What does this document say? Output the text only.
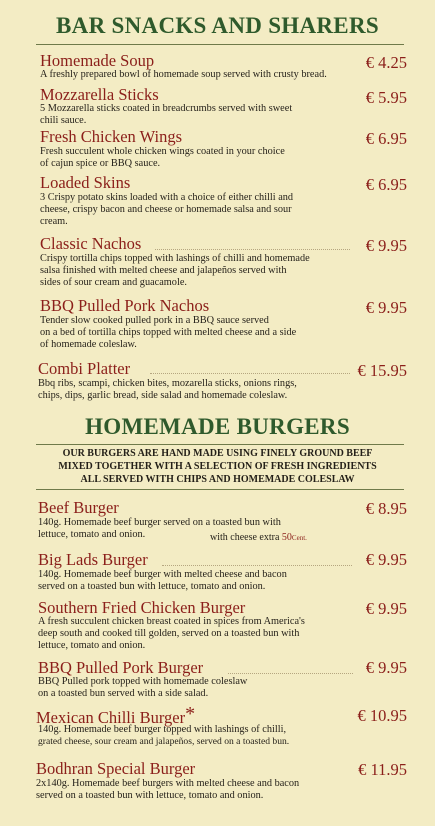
BAR SNACKS AND SHARERS
Homemade Soup	€ 4.25
A freshly prepared bowl of homemade soup served with crusty bread.
Mozzarella Sticks	€ 5.95
5 Mozzarella sticks coated in breadcrumbs served with sweet
chili sauce.
Fresh Chicken Wings	€ 6.95
Fresh succulent whole chicken wings coated in your choice
of cajun spice or BBQ sauce.
Loaded Skins	€ 6.95
3 Crispy potato skins loaded with a choice of either chilli and
cheese, crispy bacon and cheese or homemade salsa and sour
cream.
Classic Nachos	€ 9.95
Crispy tortilla chips topped with lashings of chilli and homemade
salsa finished with melted cheese and jalapeños served with
sides of sour cream and guacamole.
BBQ Pulled Pork Nachos	€ 9.95
Tender slow cooked pulled pork in a BBQ sauce served
on a bed of tortilla chips topped with melted cheese and a side
of homemade coleslaw.
Combi Platter	€ 15.95
Bbq ribs, scampi, chicken bites, mozarella sticks, onions rings,
chips, dips, garlic bread, side salad and homemade coleslaw.
HOMEMADE BURGERS
OUR BURGERS ARE HAND MADE USING FINELY GROUND BEEF
MIXED TOGETHER WITH A SELECTION OF FRESH INGREDIENTS
ALL SERVED WITH CHIPS AND HOMEMADE COLESLAW
Beef Burger	€ 8.95
140g. Homemade beef burger served on a toasted bun with
lettuce, tomato and onion.	with cheese extra 50Cent.
Big Lads Burger	€ 9.95
140g. Homemade beef burger with melted cheese and bacon
served on a toasted bun with lettuce, tomato and onion.
Southern Fried Chicken Burger	€ 9.95
A fresh succulent chicken breast coated in spices from America's
deep south and cooked till golden, served on a toasted bun with
lettuce, tomato and onion.
BBQ Pulled Pork Burger	€ 9.95
BBQ Pulled pork topped with homemade coleslaw
on a toasted bun served with a side salad.
Mexican Chilli Burger*	€ 10.95
140g. Homemade beef burger topped with lashings of chilli,
grated cheese, sour cream and jalapeños, served on a toasted bun.
Bodhran Special Burger	€ 11.95
2x140g. Homemade beef burgers with melted cheese and bacon
served on a toasted bun with lettuce, tomato and onion.
